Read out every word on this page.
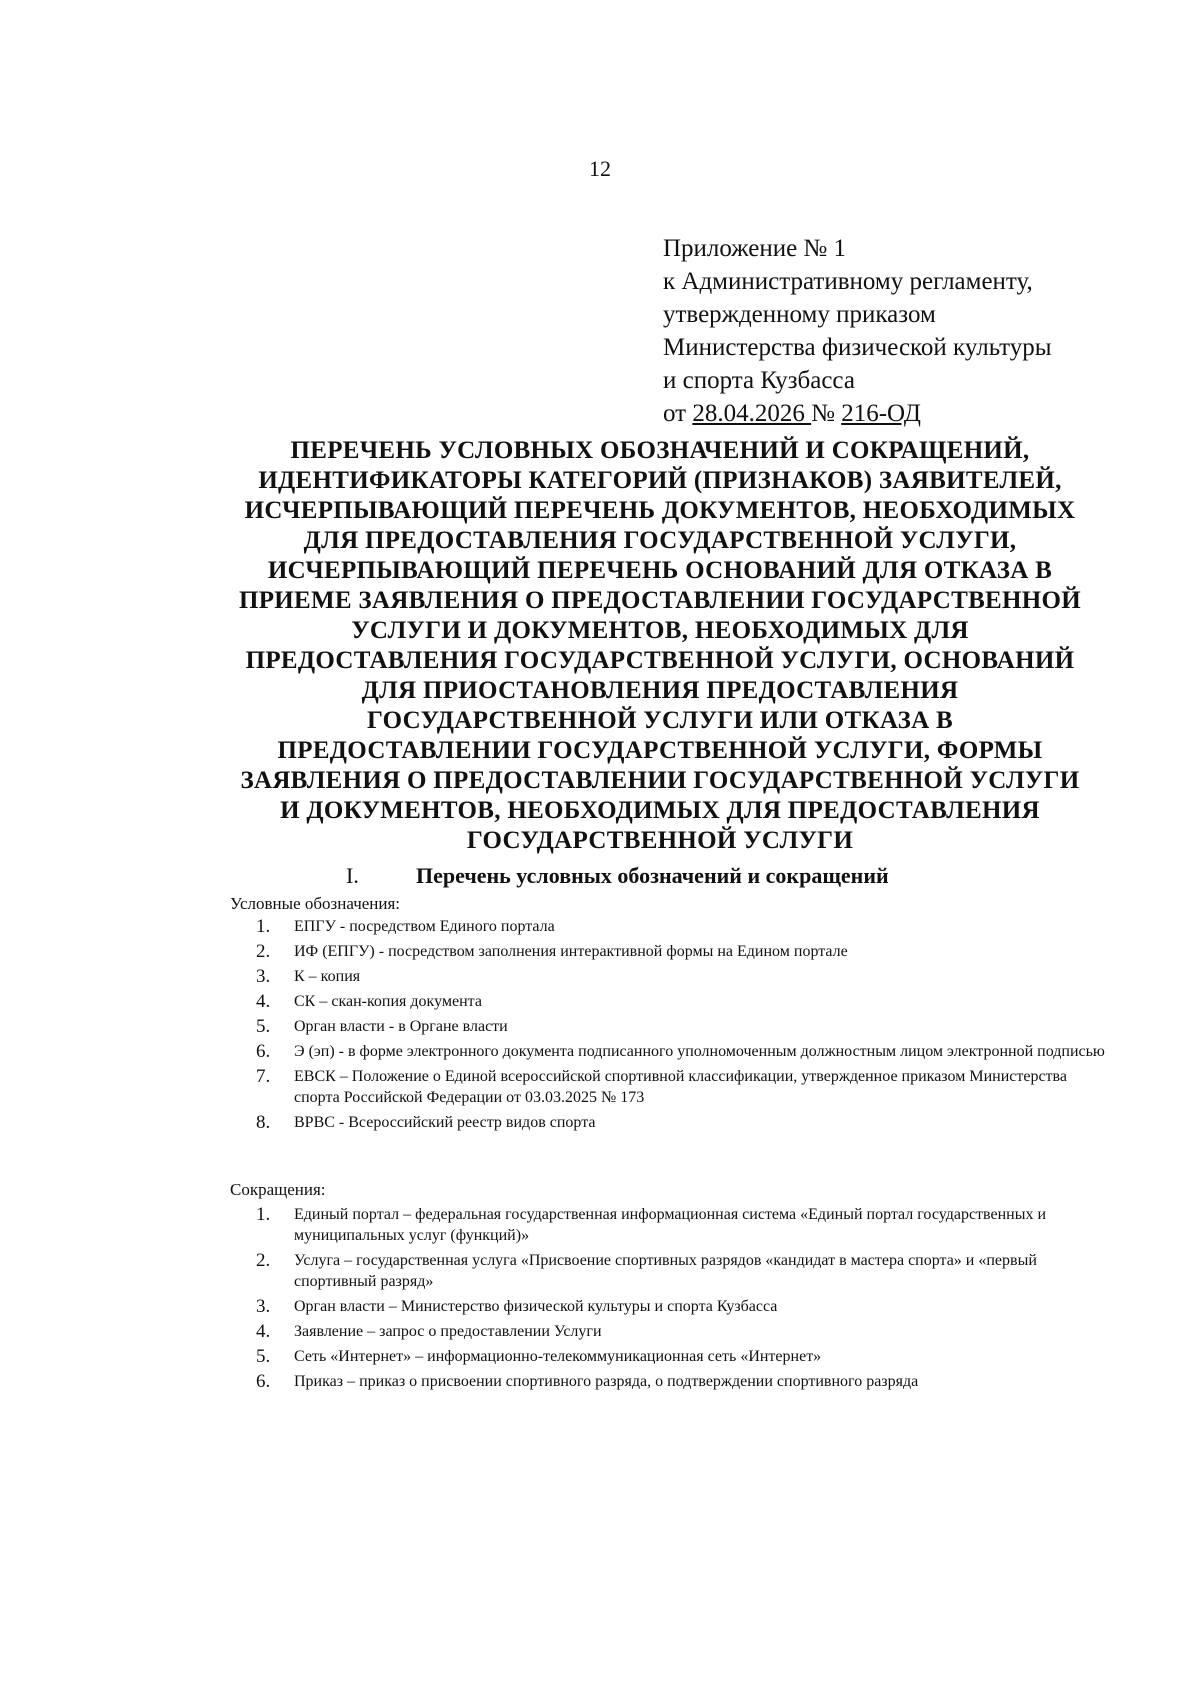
12
Приложение № 1
к Административному регламенту,
утвержденному приказом
Министерства физической культуры
и спорта Кузбасса
от 28.04.2026 № 216-ОД
ПЕРЕЧЕНЬ УСЛОВНЫХ ОБОЗНАЧЕНИЙ И СОКРАЩЕНИЙ,
ИДЕНТИФИКАТОРЫ КАТЕГОРИЙ (ПРИЗНАКОВ) ЗАЯВИТЕЛЕЙ,
ИСЧЕРПЫВАЮЩИЙ ПЕРЕЧЕНЬ ДОКУМЕНТОВ, НЕОБХОДИМЫХ
ДЛЯ ПРЕДОСТАВЛЕНИЯ ГОСУДАРСТВЕННОЙ УСЛУГИ,
ИСЧЕРПЫВАЮЩИЙ ПЕРЕЧЕНЬ ОСНОВАНИЙ ДЛЯ ОТКАЗА В
ПРИЕМЕ ЗАЯВЛЕНИЯ О ПРЕДОСТАВЛЕНИИ ГОСУДАРСТВЕННОЙ
УСЛУГИ И ДОКУМЕНТОВ, НЕОБХОДИМЫХ ДЛЯ
ПРЕДОСТАВЛЕНИЯ ГОСУДАРСТВЕННОЙ УСЛУГИ, ОСНОВАНИЙ
ДЛЯ ПРИОСТАНОВЛЕНИЯ ПРЕДОСТАВЛЕНИЯ
ГОСУДАРСТВЕННОЙ УСЛУГИ ИЛИ ОТКАЗА В
ПРЕДОСТАВЛЕНИИ ГОСУДАРСТВЕННОЙ УСЛУГИ, ФОРМЫ
ЗАЯВЛЕНИЯ О ПРЕДОСТАВЛЕНИИ ГОСУДАРСТВЕННОЙ УСЛУГИ
И ДОКУМЕНТОВ, НЕОБХОДИМЫХ ДЛЯ ПРЕДОСТАВЛЕНИЯ
ГОСУДАРСТВЕННОЙ УСЛУГИ
I.	Перечень условных обозначений и сокращений
Условные обозначения:
1.	ЕПГУ - посредством Единого портала
2.	ИФ (ЕПГУ) - посредством заполнения интерактивной формы на Едином портале
3.	К – копия
4.	СК – скан-копия документа
5.	Орган власти - в Органе власти
6.	Э (эп) - в форме электронного документа подписанного уполномоченным должностным лицом электронной подписью
7.	ЕВСК – Положение о Единой всероссийской спортивной классификации, утвержденное приказом Министерства спорта Российской Федерации от 03.03.2025 № 173
8.	ВРВС - Всероссийский реестр видов спорта
Сокращения:
1.	Единый портал – федеральная государственная информационная система «Единый портал государственных и муниципальных услуг (функций)»
2.	Услуга – государственная услуга «Присвоение спортивных разрядов «кандидат в мастера спорта» и «первый спортивный разряд»
3.	Орган власти – Министерство физической культуры и спорта Кузбасса
4.	Заявление – запрос о предоставлении Услуги
5.	Сеть «Интернет» – информационно-телекоммуникационная сеть «Интернет»
6.	Приказ – приказ о присвоении спортивного разряда, о подтверждении спортивного разряда
